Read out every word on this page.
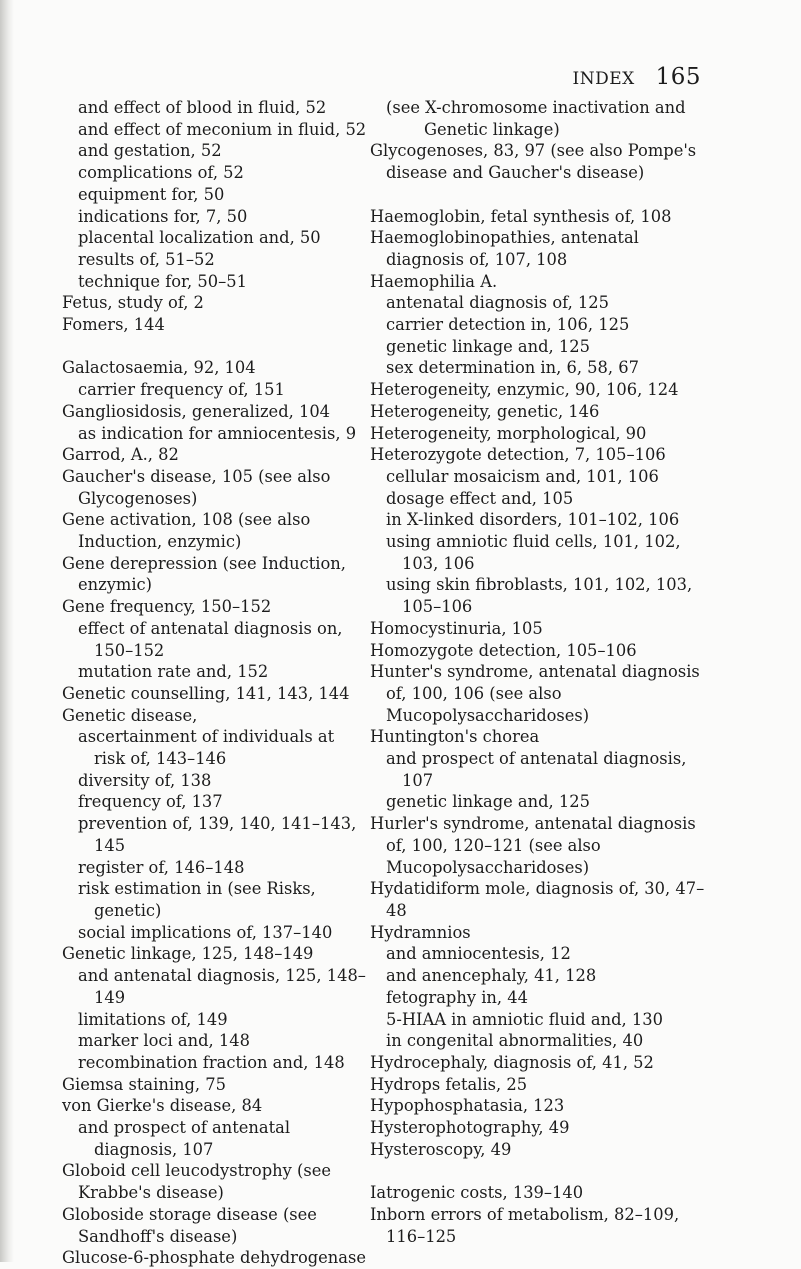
INDEX 165
and effect of blood in fluid, 52
and effect of meconium in fluid, 52
and gestation, 52
complications of, 52
equipment for, 50
indications for, 7, 50
placental localization and, 50
results of, 51–52
technique for, 50–51
Fetus, study of, 2
Fomers, 144
Galactosaemia, 92, 104
carrier frequency of, 151
Gangliosidosis, generalized, 104
as indication for amniocentesis, 9
Garrod, A., 82
Gaucher's disease, 105 (see also Glycogenoses)
Gene activation, 108 (see also Induction, enzymic)
Gene derepression (see Induction, enzymic)
Gene frequency, 150–152
effect of antenatal diagnosis on, 150–152
mutation rate and, 152
Genetic counselling, 141, 143, 144
Genetic disease,
ascertainment of individuals at risk of, 143–146
diversity of, 138
frequency of, 137
prevention of, 139, 140, 141–143, 145
register of, 146–148
risk estimation in (see Risks, genetic)
social implications of, 137–140
Genetic linkage, 125, 148–149
and antenatal diagnosis, 125, 148–149
limitations of, 149
marker loci and, 148
recombination fraction and, 148
Giemsa staining, 75
von Gierke's disease, 84
and prospect of antenatal diagnosis, 107
Globoid cell leucodystrophy (see Krabbe's disease)
Globoside storage disease (see Sandhoff's disease)
Glucose-6-phosphate dehydrogenase
(see X-chromosome inactivation and Genetic linkage)
Glycogenoses, 83, 97 (see also Pompe's disease and Gaucher's disease)
Haemoglobin, fetal synthesis of, 108
Haemoglobinopathies, antenatal diagnosis of, 107, 108
Haemophilia A.
antenatal diagnosis of, 125
carrier detection in, 106, 125
genetic linkage and, 125
sex determination in, 6, 58, 67
Heterogeneity, enzymic, 90, 106, 124
Heterogeneity, genetic, 146
Heterogeneity, morphological, 90
Heterozygote detection, 7, 105–106
cellular mosaicism and, 101, 106
dosage effect and, 105
in X-linked disorders, 101–102, 106
using amniotic fluid cells, 101, 102, 103, 106
using skin fibroblasts, 101, 102, 103, 105–106
Homocystinuria, 105
Homozygote detection, 105–106
Hunter's syndrome, antenatal diagnosis of, 100, 106 (see also Mucopolysaccharidoses)
Huntington's chorea
and prospect of antenatal diagnosis, 107
genetic linkage and, 125
Hurler's syndrome, antenatal diagnosis of, 100, 120–121 (see also Mucopolysaccharidoses)
Hydatidiform mole, diagnosis of, 30, 47–48
Hydramnios
and amniocentesis, 12
and anencephaly, 41, 128
fetography in, 44
5-HIAA in amniotic fluid and, 130
in congenital abnormalities, 40
Hydrocephaly, diagnosis of, 41, 52
Hydrops fetalis, 25
Hypophosphatasia, 123
Hysterophotography, 49
Hysteroscopy, 49
Iatrogenic costs, 139–140
Inborn errors of metabolism, 82–109, 116–125
